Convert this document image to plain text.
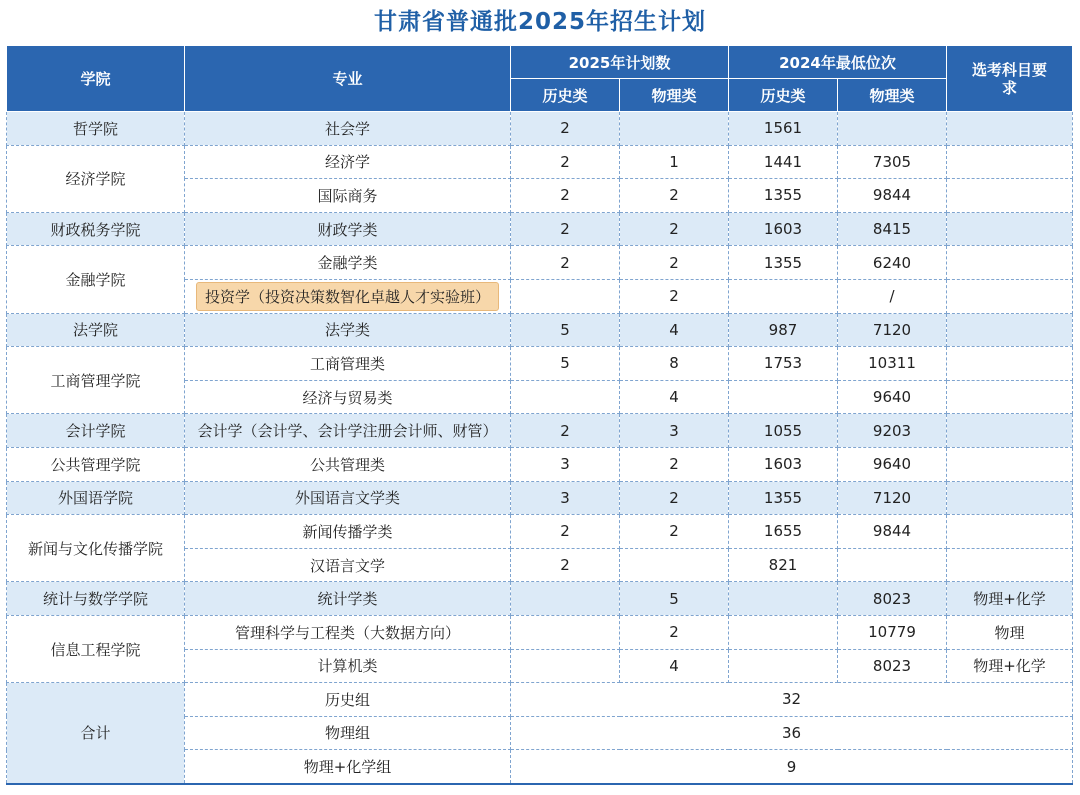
甘肃省普通批2025年招生计划
学院	专业	2025年计划数		2024年最低位次		选考科目要求
		历史类	物理类	历史类	物理类	
哲学院	社会学	2		1561		
经济学院	经济学	2	1	1441	7305	
	国际商务	2	2	1355	9844	
财政税务学院	财政学类	2	2	1603	8415	
金融学院	金融学类	2	2	1355	6240	
	投资学（投资决策数智化卓越人才实验班）		2		/	
法学院	法学类	5	4	987	7120	
工商管理学院	工商管理类	5	8	1753	10311	
	经济与贸易类		4		9640	
会计学院	会计学（会计学、会计学注册会计师、财管）	2	3	1055	9203	
公共管理学院	公共管理类	3	2	1603	9640	
外国语学院	外国语言文学类	3	2	1355	7120	
新闻与文化传播学院	新闻传播学类	2	2	1655	9844	
	汉语言文学	2		821		
统计与数学学院	统计学类		5		8023	物理+化学
信息工程学院	管理科学与工程类（大数据方向）		2		10779	物理
	计算机类		4		8023	物理+化学
合计	历史组	32				
	物理组	36				
	物理+化学组	9				
